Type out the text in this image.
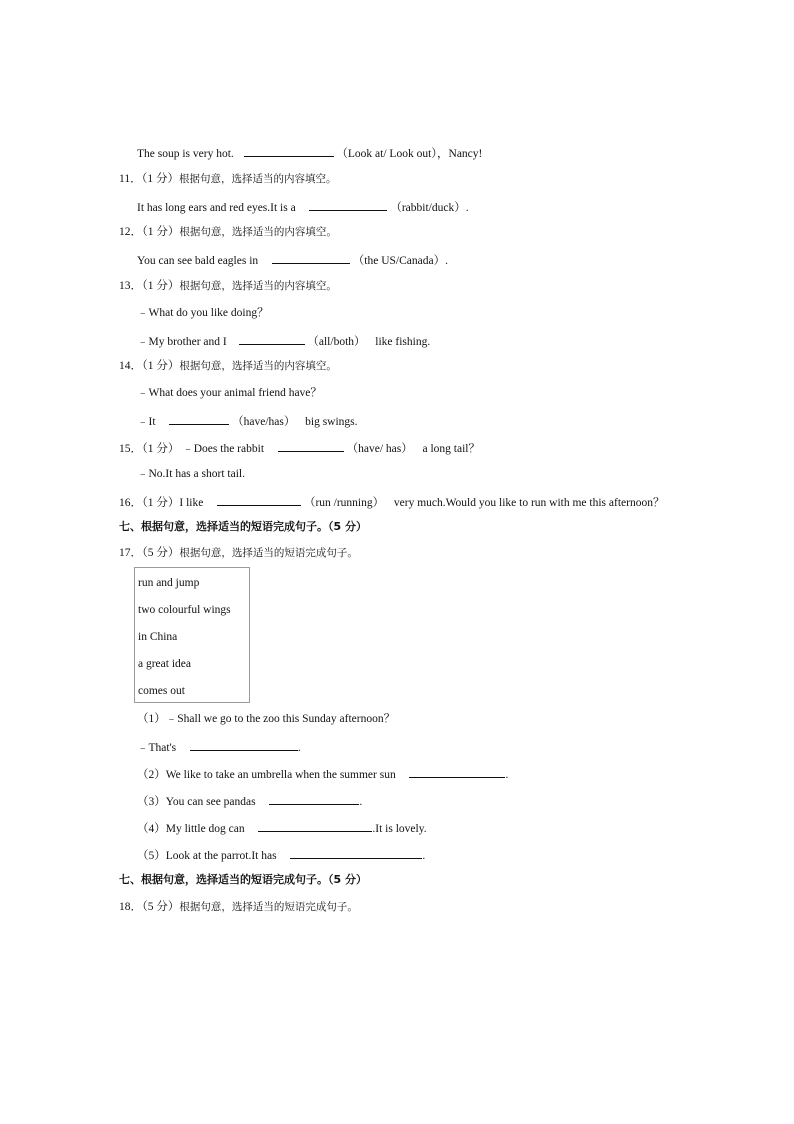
The soup is very hot.	（Look at/ Look out），Nancy!
11．（1 分）根据句意，选择适当的内容填空。
It has long ears and red eyes.It is a	（rabbit/duck）.
12．（1 分）根据句意，选择适当的内容填空。
You can see bald eagles in	（the US/Canada）.
13．（1 分）根据句意，选择适当的内容填空。
﹣What do you like doing？
﹣My brother and I	（all/both） like fishing.
14．（1 分）根据句意，选择适当的内容填空。
﹣What does your animal friend have？
﹣It	（have/has） big swings.
15．（1 分） ﹣Does the rabbit	（have/ has） a long tail？
﹣No.It has a short tail.
16．（1 分）I like	（run /running） very much.Would you like to run with me this afternoon？
七、根据句意，选择适当的短语完成句子。（5 分）
17．（5 分）根据句意，选择适当的短语完成句子。
run and jump
two colourful wings
in China
a great idea
comes out
（1）﹣Shall we go to the zoo this Sunday afternoon？
﹣That's	.
（2）We like to take an umbrella when the summer sun	.
（3）You can see pandas	.
（4）My little dog can	.It is lovely.
（5）Look at the parrot.It has	.
七、根据句意，选择适当的短语完成句子。（5 分）
18．（5 分）根据句意，选择适当的短语完成句子。
